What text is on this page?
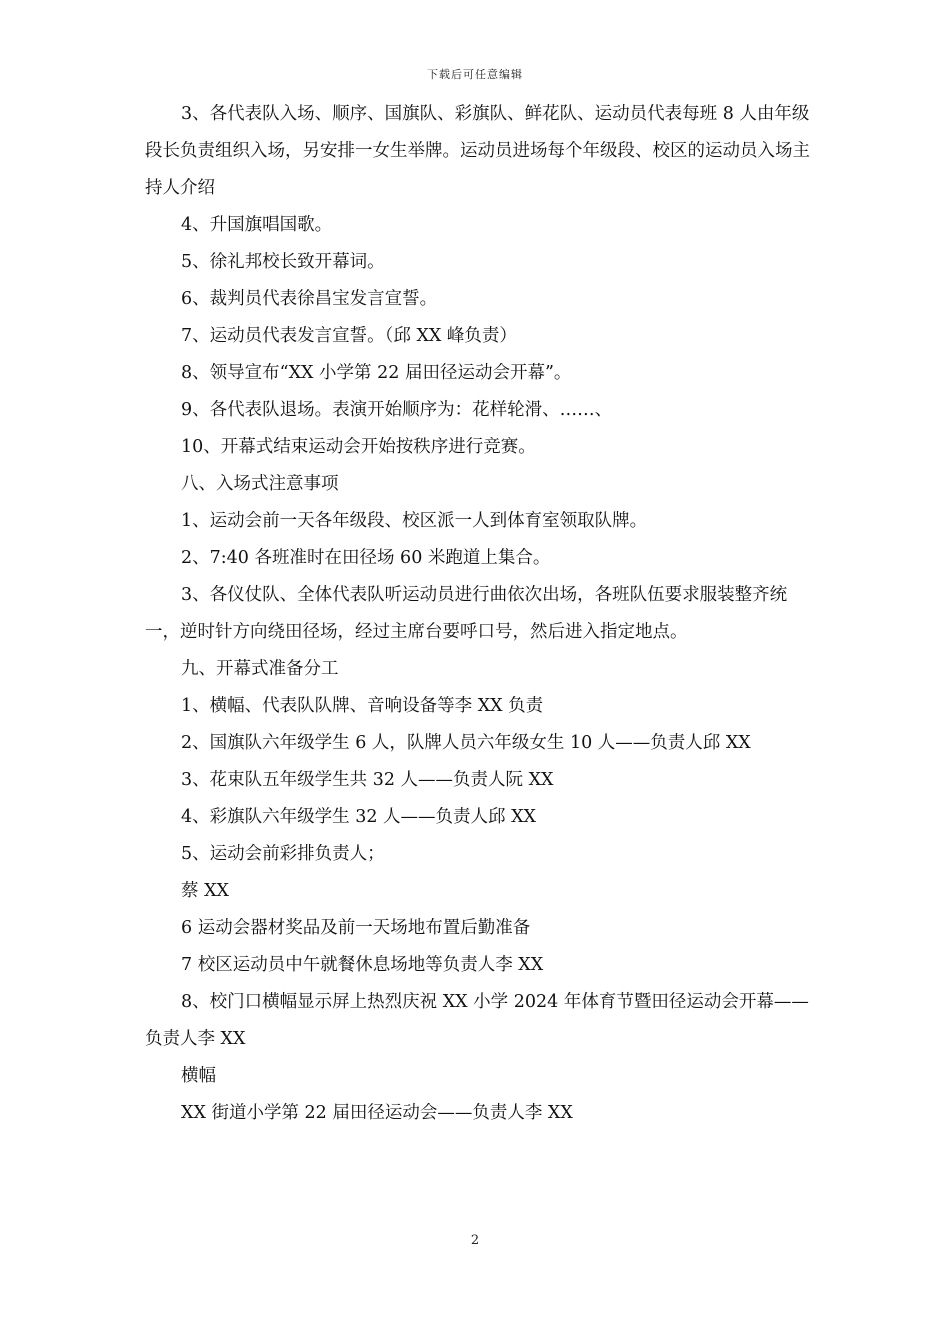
下载后可任意编辑

3、各代表队入场、顺序、国旗队、彩旗队、鲜花队、运动员代表每班 8 人由年级段长负责组织入场，另安排一女生举牌。运动员进场每个年级段、校区的运动员入场主持人介绍

4、升国旗唱国歌。

5、徐礼邦校长致开幕词。

6、裁判员代表徐昌宝发言宣誓。

7、运动员代表发言宣誓。（邱 XX 峰负责）

8、领导宣布“XX 小学第 22 届田径运动会开幕”。

9、各代表队退场。表演开始顺序为：花样轮滑、……、

10、开幕式结束运动会开始按秩序进行竞赛。

八、入场式注意事项

1、运动会前一天各年级段、校区派一人到体育室领取队牌。

2、7:40 各班准时在田径场 60 米跑道上集合。

3、各仪仗队、全体代表队听运动员进行曲依次出场，各班队伍要求服装整齐统一，逆时针方向绕田径场，经过主席台要呼口号，然后进入指定地点。

九、开幕式准备分工

1、横幅、代表队队牌、音响设备等李 XX 负责

2、国旗队六年级学生 6 人，队牌人员六年级女生 10 人——负责人邱 XX

3、花束队五年级学生共 32 人——负责人阮 XX

4、彩旗队六年级学生 32 人——负责人邱 XX

5、运动会前彩排负责人；

蔡 XX

6 运动会器材奖品及前一天场地布置后勤准备

7 校区运动员中午就餐休息场地等负责人李 XX

8、校门口横幅显示屏上热烈庆祝 XX 小学 2024 年体育节暨田径运动会开幕——负责人李 XX

横幅

XX 街道小学第 22 届田径运动会——负责人李 XX

2
